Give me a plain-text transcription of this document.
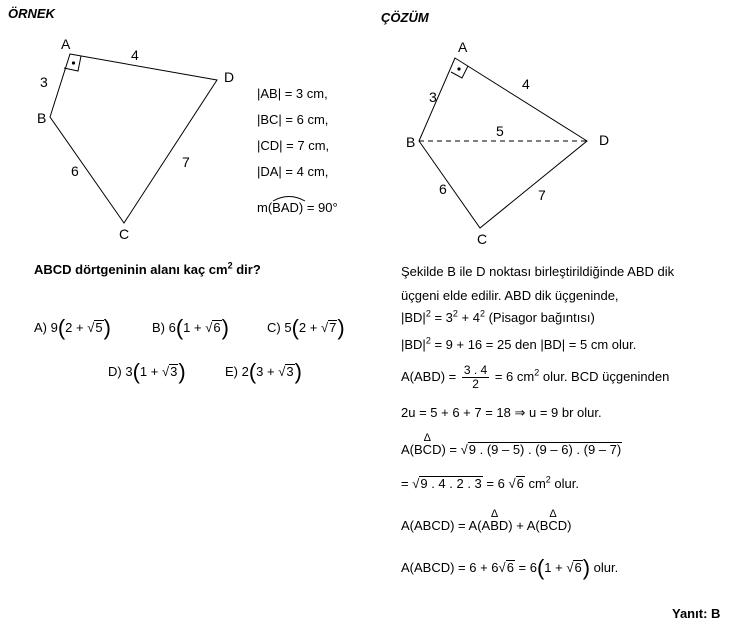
ÖRNEK
A
B
C
D
3
4
6
7
|AB| = 3 cm,
|BC| = 6 cm,
|CD| = 7 cm,
|DA| = 4 cm,
m(
BAD) = 90°
ABCD dörtgeninin alanı kaç $cm^2$ dir?
A) 9(2 + √5)	B) 6(1 + √6)	C) 5(2 + √7)
D) 3(1 + √3)	E) 2(3 + √3)
ÇÖZÜM
A
B
C
D
3
4
5
6	7
Şekilde B ile D noktası birleştirildiğinde ABD dik
üçgeni elde edilir. ABD dik üçgeninde,
$|BD|^2 = 3^2 + 4^2$ (Pisagor bağıntısı)
$|BD|^2 = 9 + 16 = 25$ den |BD| = 5 cm olur.
$A(ABD) = \frac{3 . 4}{2} = 6$ $cm^2$ olur. BCD üçgeninden
2u = 5 + 6 + 7 = 18 ⇒ u = 9 br olur.
A(B
Δ
CD) = √9 . (9 – 5) . (9 – 6) . (9 – 7)
= √9 . 4 . 2 . 3 = 6 √6 $cm^2$ olur.
A(ABCD) = A(A
Δ
BD) + A(B
Δ
CD)
A(ABCD) = 6 + 6√6 = 6(1 + √6) olur.
Yanıt: B
